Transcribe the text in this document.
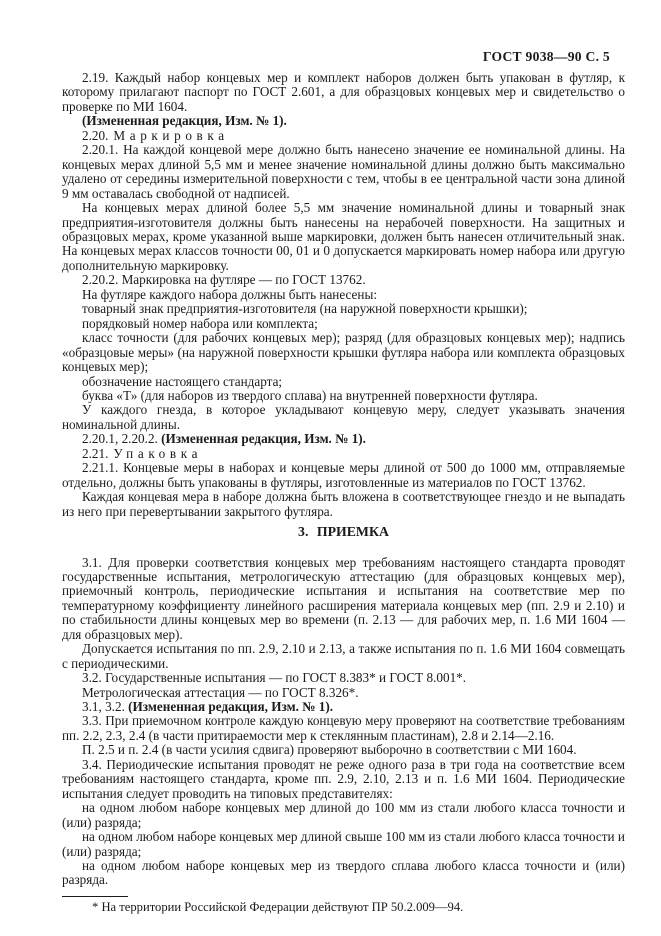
ГОСТ 9038—90 С. 5

2.19. Каждый набор концевых мер и комплект наборов должен быть упакован в футляр, к которому прилагают паспорт по ГОСТ 2.601, а для образцовых концевых мер и свидетельство о проверке по МИ 1604.

(Измененная редакция, Изм. № 1).

2.20. Маркировка

2.20.1. На каждой концевой мере должно быть нанесено значение ее номинальной длины. На концевых мерах длиной 5,5 мм и менее значение номинальной длины должно быть максимально удалено от середины измерительной поверхности с тем, чтобы в ее центральной части зона длиной 9 мм оставалась свободной от надписей.

На концевых мерах длиной более 5,5 мм значение номинальной длины и товарный знак предприятия-изготовителя должны быть нанесены на нерабочей поверхности. На защитных и образцовых мерах, кроме указанной выше маркировки, должен быть нанесен отличительный знак. На концевых мерах классов точности 00, 01 и 0 допускается маркировать номер набора или другую дополнительную маркировку.

2.20.2. Маркировка на футляре — по ГОСТ 13762.

На футляре каждого набора должны быть нанесены:

товарный знак предприятия-изготовителя (на наружной поверхности крышки);

порядковый номер набора или комплекта;

класс точности (для рабочих концевых мер); разряд (для образцовых концевых мер); надпись «образцовые меры» (на наружной поверхности крышки футляра набора или комплекта образцовых концевых мер);

обозначение настоящего стандарта;

буква «Т» (для наборов из твердого сплава) на внутренней поверхности футляра.

У каждого гнезда, в которое укладывают концевую меру, следует указывать значения номинальной длины.

2.20.1, 2.20.2. (Измененная редакция, Изм. № 1).

2.21. Упаковка

2.21.1. Концевые меры в наборах и концевые меры длиной от 500 до 1000 мм, отправляемые отдельно, должны быть упакованы в футляры, изготовленные из материалов по ГОСТ 13762.

Каждая концевая мера в наборе должна быть вложена в соответствующее гнездо и не выпадать из него при перевертывании закрытого футляра.

3. ПРИЕМКА

3.1. Для проверки соответствия концевых мер требованиям настоящего стандарта проводят государственные испытания, метрологическую аттестацию (для образцовых концевых мер), приемочный контроль, периодические испытания и испытания на соответствие мер по температурному коэффициенту линейного расширения материала концевых мер (пп. 2.9 и 2.10) и по стабильности длины концевых мер во времени (п. 2.13 — для рабочих мер, п. 1.6 МИ 1604 — для образцовых мер).

Допускается испытания по пп. 2.9, 2.10 и 2.13, а также испытания по п. 1.6 МИ 1604 совмещать с периодическими.

3.2. Государственные испытания — по ГОСТ 8.383* и ГОСТ 8.001*.

Метрологическая аттестация — по ГОСТ 8.326*.

3.1, 3.2. (Измененная редакция, Изм. № 1).

3.3. При приемочном контроле каждую концевую меру проверяют на соответствие требованиям пп. 2.2, 2.3, 2.4 (в части притираемости мер к стеклянным пластинам), 2.8 и 2.14—2.16.

П. 2.5 и п. 2.4 (в части усилия сдвига) проверяют выборочно в соответствии с МИ 1604.

3.4. Периодические испытания проводят не реже одного раза в три года на соответствие всем требованиям настоящего стандарта, кроме пп. 2.9, 2.10, 2.13 и п. 1.6 МИ 1604. Периодические испытания следует проводить на типовых представителях:

на одном любом наборе концевых мер длиной до 100 мм из стали любого класса точности и (или) разряда;

на одном любом наборе концевых мер длиной свыше 100 мм из стали любого класса точности и (или) разряда;

на одном любом наборе концевых мер из твердого сплава любого класса точности и (или) разряда.

* На территории Российской Федерации действуют ПР 50.2.009—94.
